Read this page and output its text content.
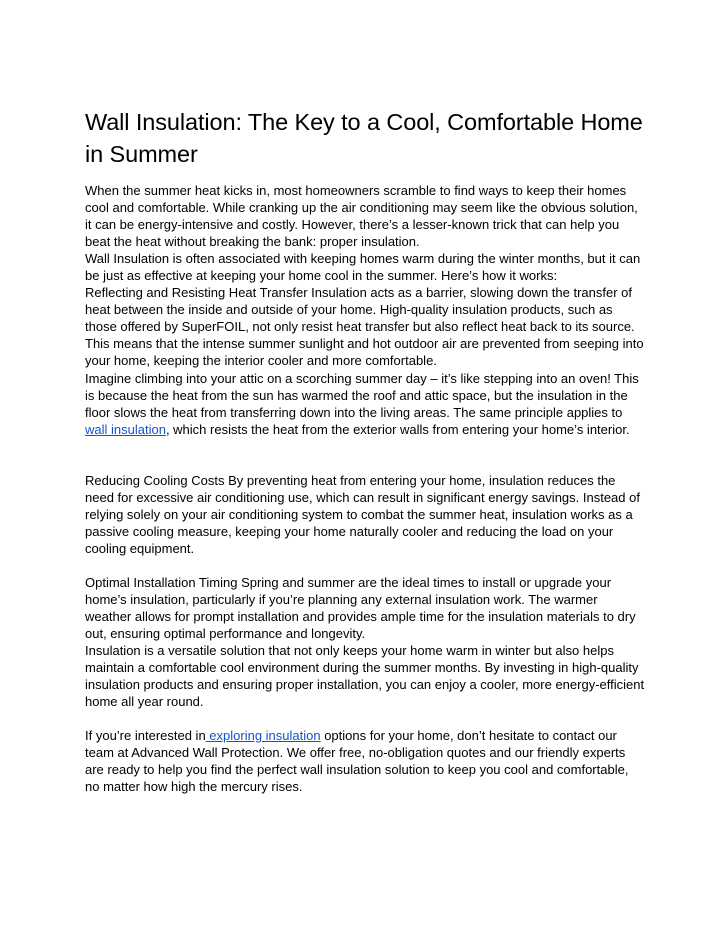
Wall Insulation: The Key to a Cool, Comfortable Home in Summer

When the summer heat kicks in, most homeowners scramble to find ways to keep their homes cool and comfortable. While cranking up the air conditioning may seem like the obvious solution, it can be energy-intensive and costly. However, there’s a lesser-known trick that can help you beat the heat without breaking the bank: proper insulation.

Wall Insulation is often associated with keeping homes warm during the winter months, but it can be just as effective at keeping your home cool in the summer. Here’s how it works:

Reflecting and Resisting Heat Transfer Insulation acts as a barrier, slowing down the transfer of heat between the inside and outside of your home. High-quality insulation products, such as those offered by SuperFOIL, not only resist heat transfer but also reflect heat back to its source. This means that the intense summer sunlight and hot outdoor air are prevented from seeping into your home, keeping the interior cooler and more comfortable.

Imagine climbing into your attic on a scorching summer day – it’s like stepping into an oven! This is because the heat from the sun has warmed the roof and attic space, but the insulation in the floor slows the heat from transferring down into the living areas. The same principle applies to wall insulation, which resists the heat from the exterior walls from entering your home’s interior.

Reducing Cooling Costs By preventing heat from entering your home, insulation reduces the need for excessive air conditioning use, which can result in significant energy savings. Instead of relying solely on your air conditioning system to combat the summer heat, insulation works as a passive cooling measure, keeping your home naturally cooler and reducing the load on your cooling equipment.

Optimal Installation Timing Spring and summer are the ideal times to install or upgrade your home’s insulation, particularly if you’re planning any external insulation work. The warmer weather allows for prompt installation and provides ample time for the insulation materials to dry out, ensuring optimal performance and longevity.

Insulation is a versatile solution that not only keeps your home warm in winter but also helps maintain a comfortable cool environment during the summer months. By investing in high-quality insulation products and ensuring proper installation, you can enjoy a cooler, more energy-efficient home all year round.

If you’re interested in exploring insulation options for your home, don’t hesitate to contact our team at Advanced Wall Protection. We offer free, no-obligation quotes and our friendly experts are ready to help you find the perfect wall insulation solution to keep you cool and comfortable, no matter how high the mercury rises.
